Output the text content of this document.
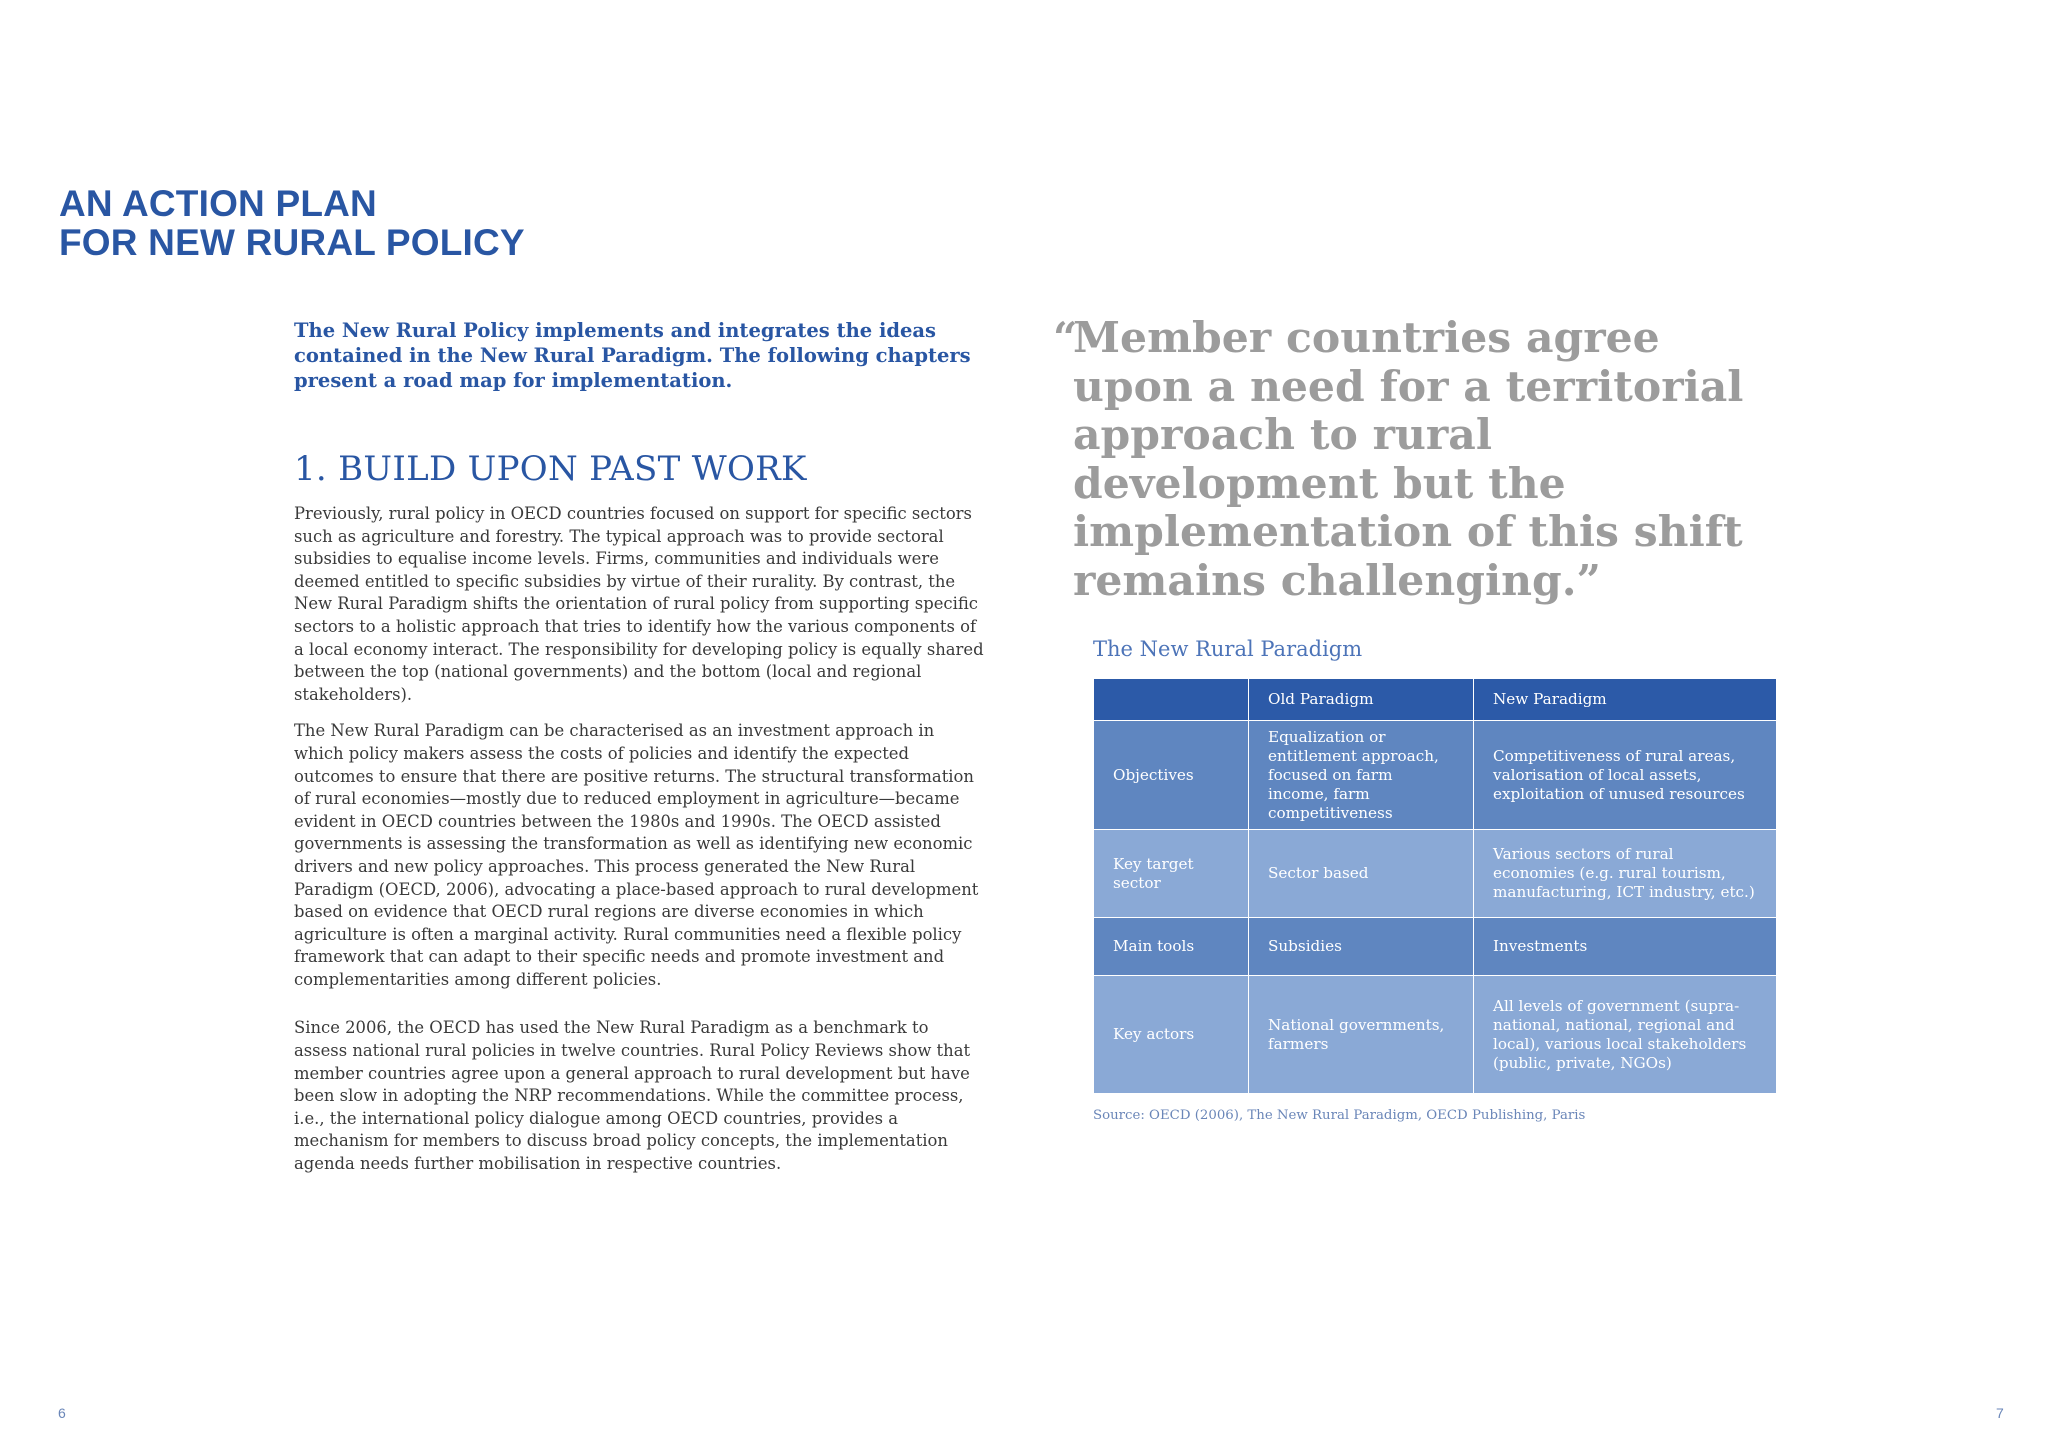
AN ACTION PLAN
FOR NEW RURAL POLICY

The New Rural Policy implements and integrates the ideas contained in the New Rural Paradigm. The following chapters present a road map for implementation.

1. BUILD UPON PAST WORK

Previously, rural policy in OECD countries focused on support for specific sectors such as agriculture and forestry. The typical approach was to provide sectoral subsidies to equalise income levels. Firms, communities and individuals were deemed entitled to specific subsidies by virtue of their rurality. By contrast, the New Rural Paradigm shifts the orientation of rural policy from supporting specific sectors to a holistic approach that tries to identify how the various components of a local economy interact. The responsibility for developing policy is equally shared between the top (national governments) and the bottom (local and regional stakeholders).

The New Rural Paradigm can be characterised as an investment approach in which policy makers assess the costs of policies and identify the expected outcomes to ensure that there are positive returns. The structural transformation of rural economies—mostly due to reduced employment in agriculture—became evident in OECD countries between the 1980s and 1990s. The OECD assisted governments is assessing the transformation as well as identifying new economic drivers and new policy approaches. This process generated the New Rural Paradigm (OECD, 2006), advocating a place-based approach to rural development based on evidence that OECD rural regions are diverse economies in which agriculture is often a marginal activity. Rural communities need a flexible policy framework that can adapt to their specific needs and promote investment and complementarities among different policies.

Since 2006, the OECD has used the New Rural Paradigm as a benchmark to assess national rural policies in twelve countries. Rural Policy Reviews show that member countries agree upon a general approach to rural development but have been slow in adopting the NRP recommendations. While the committee process, i.e., the international policy dialogue among OECD countries, provides a mechanism for members to discuss broad policy concepts, the implementation agenda needs further mobilisation in respective countries.

“
Member countries agree upon a need for a territorial approach to rural development but the implementation of this shift remains challenging.”

The New Rural Paradigm

	Old Paradigm	New Paradigm
Objectives	Equalization or entitlement approach, focused on farm income, farm competitiveness	Competitiveness of rural areas, valorisation of local assets, exploitation of unused resources
Key target sector	Sector based	Various sectors of rural economies (e.g. rural tourism, manufacturing, ICT industry, etc.)
Main tools	Subsidies	Investments
Key actors	National governments, farmers	All levels of government (supra-national, national, regional and local), various local stakeholders (public, private, NGOs)

Source: OECD (2006), The New Rural Paradigm, OECD Publishing, Paris

6	7
